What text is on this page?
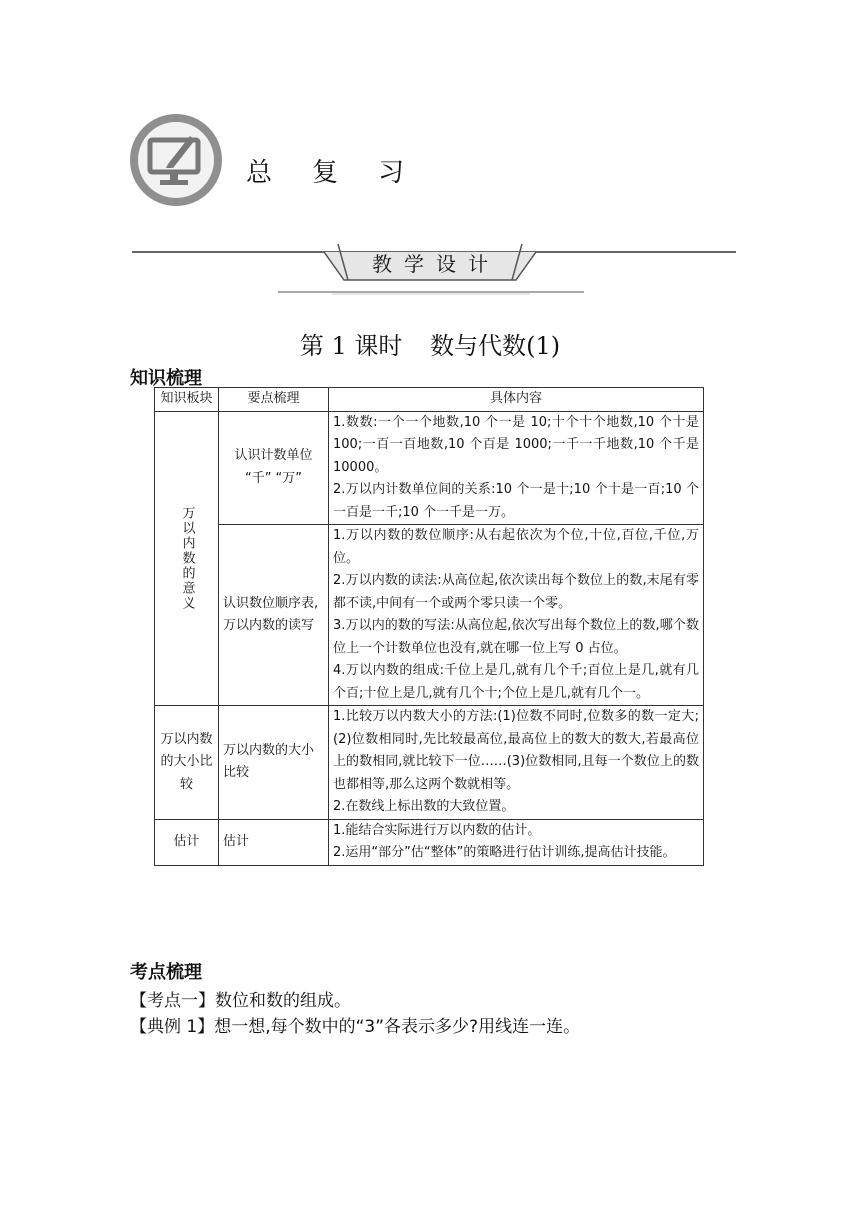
总复习
教学设计
第 1 课时 数与代数(1)
知识梳理
知识板块	要点梳理	具体内容

万以内数的意义	认识计数单位 “千” “万”	1.数数:一个一个地数,10 个一是 10;十个十个地数,10 个十是 100;一百一百地数,10 个百是 1000;一千一千地数,10 个千是 10000。
2.万以内计数单位间的关系:10 个一是十;10 个十是一百;10 个一百是一千;10 个一千是一万。

	认识数位顺序表,万以内数的读写	1.万以内数的数位顺序:从右起依次为个位,十位,百位,千位,万位。
2.万以内数的读法:从高位起,依次读出每个数位上的数,末尾有零都不读,中间有一个或两个零只读一个零。
3.万以内的数的写法:从高位起,依次写出每个数位上的数,哪个数位上一个计数单位也没有,就在哪一位上写 0 占位。
4.万以内数的组成:千位上是几,就有几个千;百位上是几,就有几个百;十位上是几,就有几个十;个位上是几,就有几个一。

万以内数的大小比较	万以内数的大小比较	1.比较万以内数大小的方法:(1)位数不同时,位数多的数一定大;(2)位数相同时,先比较最高位,最高位上的数大的数大,若最高位上的数相同,就比较下一位……(3)位数相同,且每一个数位上的数也都相等,那么这两个数就相等。
2.在数线上标出数的大致位置。

估计	估计	1.能结合实际进行万以内数的估计。
2.运用“部分”估“整体”的策略进行估计训练,提高估计技能。
考点梳理
【考点一】数位和数的组成。
【典例 1】想一想,每个数中的“3”各表示多少?用线连一连。
